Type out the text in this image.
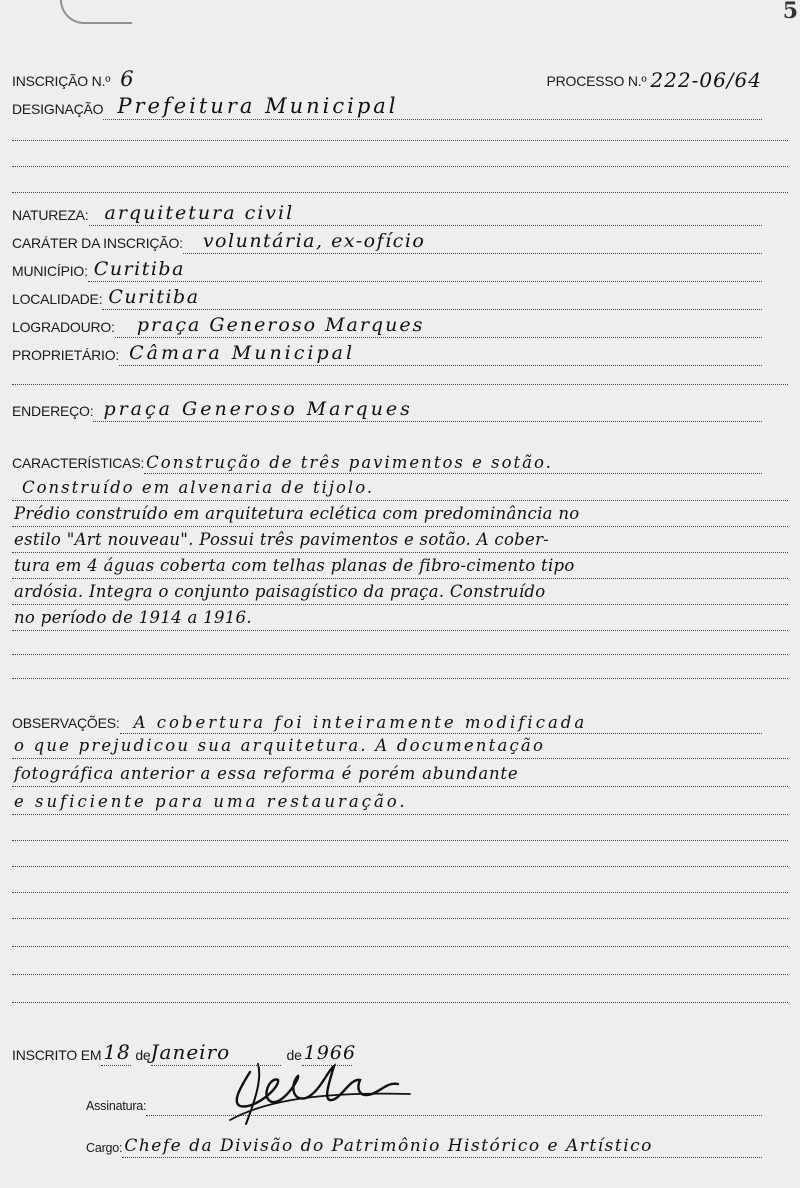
5
INSCRIÇÃO N.º 6	PROCESSO N.º 222-06/64
DESIGNAÇÃO Prefeitura Municipal
NATUREZA: arquitetura civil
CARÁTER DA INSCRIÇÃO: voluntária, ex-ofício
MUNICÍPIO: Curitiba
LOCALIDADE: Curitiba
LOGRADOURO: praça Generoso Marques
PROPRIETÁRIO: Câmara Municipal
ENDEREÇO: praça Generoso Marques
CARACTERÍSTICAS: Construção de três pavimentos e sotão.
Construído em alvenaria de tijolo.
Prédio construído em arquitetura eclética com predominância no
estilo "Art nouveau". Possui três pavimentos e sotão. A cober-
tura em 4 águas coberta com telhas planas de fibro-cimento tipo
ardósia. Integra o conjunto paisagístico da praça. Construído
no período de 1914 a 1916.
OBSERVAÇÕES: A cobertura foi inteiramente modificada
o que prejudicou sua arquitetura. A documentação
fotográfica anterior a essa reforma é porém abundante
e suficiente para uma restauração.
INSCRITO EM 18 de Janeiro	de 1966
Assinatura:
Cargo: Chefe da Divisão do Patrimônio Histórico e Artístico
